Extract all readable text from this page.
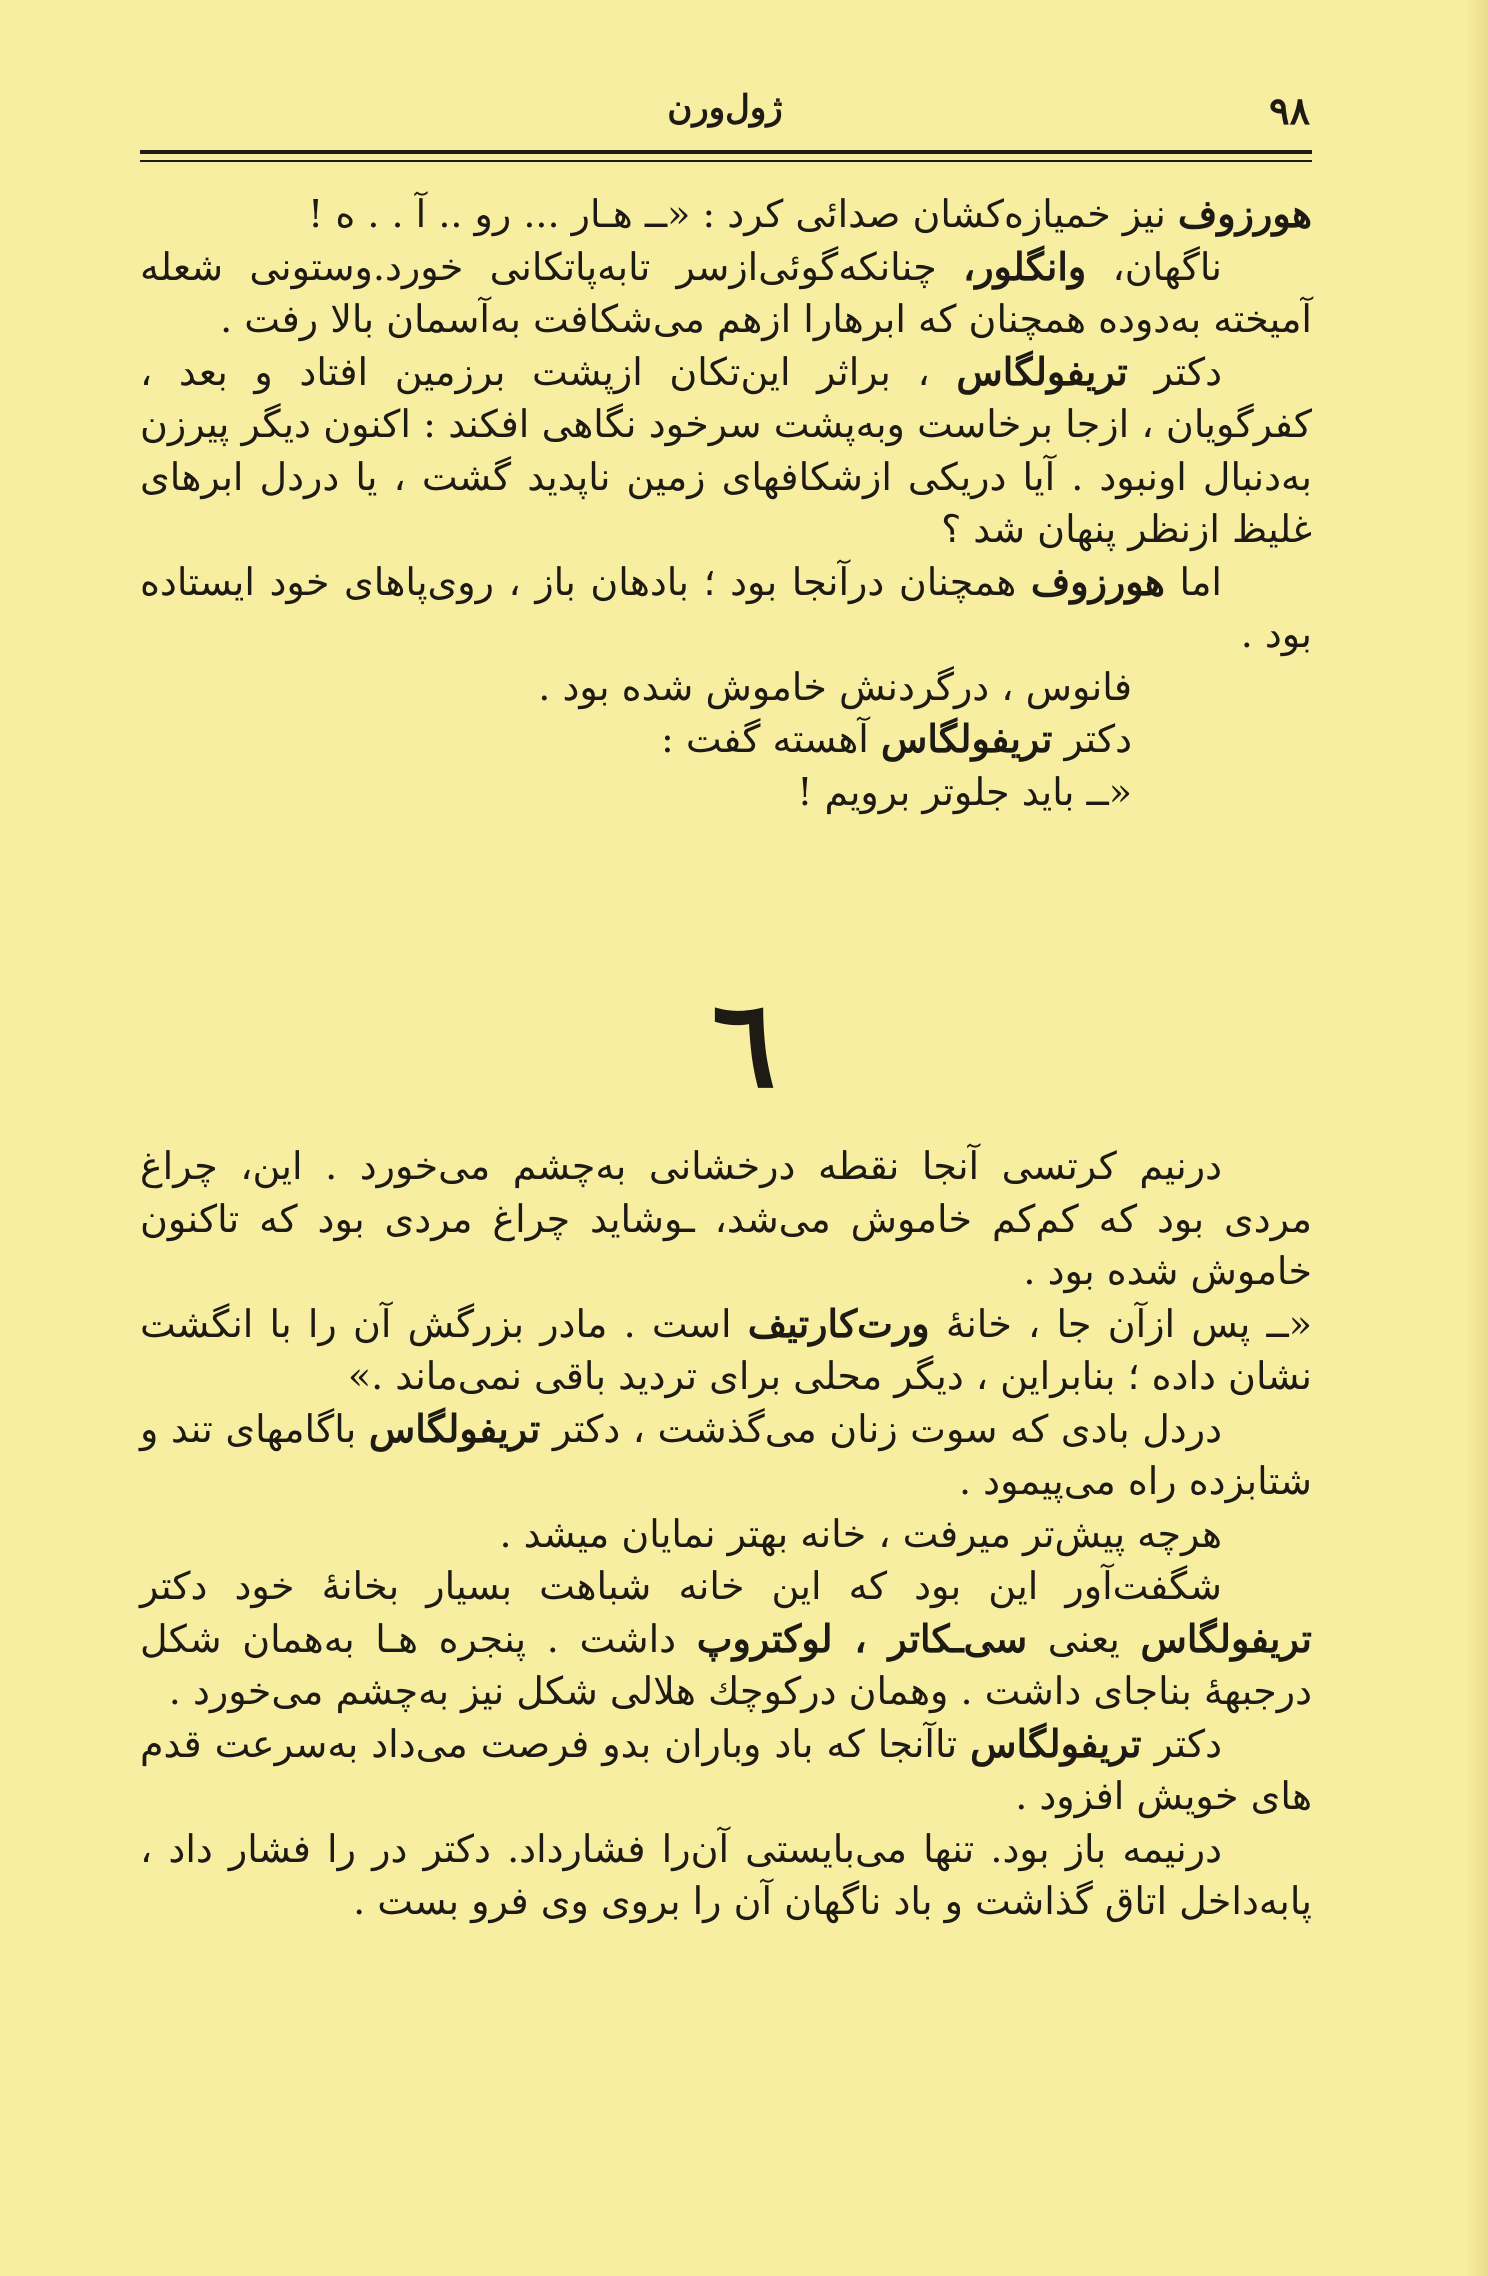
۹۸
ژول‌ورن

هورزوف نیز خمیازه‌کشان صدائی کرد : «ــ هـار ... رو .. آ . . ه !

ناگهان، وانگلور، چنانکه‌گوئی‌ازسر تابه‌پاتکانی خورد.وستونی شعله آمیخته به‌دوده همچنان که ابرهارا ازهم می‌شکافت به‌آسمان بالا رفت .

دکتر تریفولگاس ، براثر این‌تکان ازپشت برزمین افتاد و بعد ، کفرگویان ، ازجا برخاست وبه‌پشت سرخود نگاهی افکند : اکنون دیگر پیرزن به‌دنبال اونبود . آیا دریکی ازشکافهای زمین ناپدید گشت ، یا دردل ابرهای غلیظ ازنظر پنهان شد ؟

اما هورزوف همچنان درآنجا بود ؛ بادهان باز ، روی‌پاهای خود ایستاده بود .

فانوس ، درگردنش خاموش شده بود .

دکتر تریفولگاس آهسته گفت :

«ــ باید جلوتر برویم !

٦

درنیم کرتسی آنجا نقطه درخشانی به‌چشم می‌خورد . این، چراغ مردی بود که کم‌کم خاموش می‌شد، ـوشاید چراغ مردی بود که تاکنون خاموش شده بود .

«ــ پس ازآن جا ، خانهٔ ورت‌کارتیف است . مادر بزرگش آن را با انگشت نشان داده ؛ بنابراین ، دیگر محلی برای تردید باقی نمی‌ماند .»

دردل بادی که سوت زنان می‌گذشت ، دکتر تریفولگاس باگامهای تند و شتابزده راه می‌پیمود .

هرچه پیش‌تر میرفت ، خانه بهتر نمایان میشد .

شگفت‌آور این بود که این خانه شباهت بسیار بخانهٔ خود دکتر تریفولگاس یعنی سی‌ـکاتر ، لوکتروپ داشت . پنجره هـا به‌همان شکل درجبههٔ بناجای داشت . وهمان درکوچك هلالی شکل نیز به‌چشم می‌خورد .

دکتر تریفولگاس تاآنجا که باد وباران بدو فرصت می‌داد به‌سرعت قدم های خویش افزود .

درنیمه باز بود. تنها می‌بایستی آن‌را فشارداد. دکتر در را فشار داد ، پابه‌داخل اتاق گذاشت و باد ناگهان آن را بروی وی فرو بست .
